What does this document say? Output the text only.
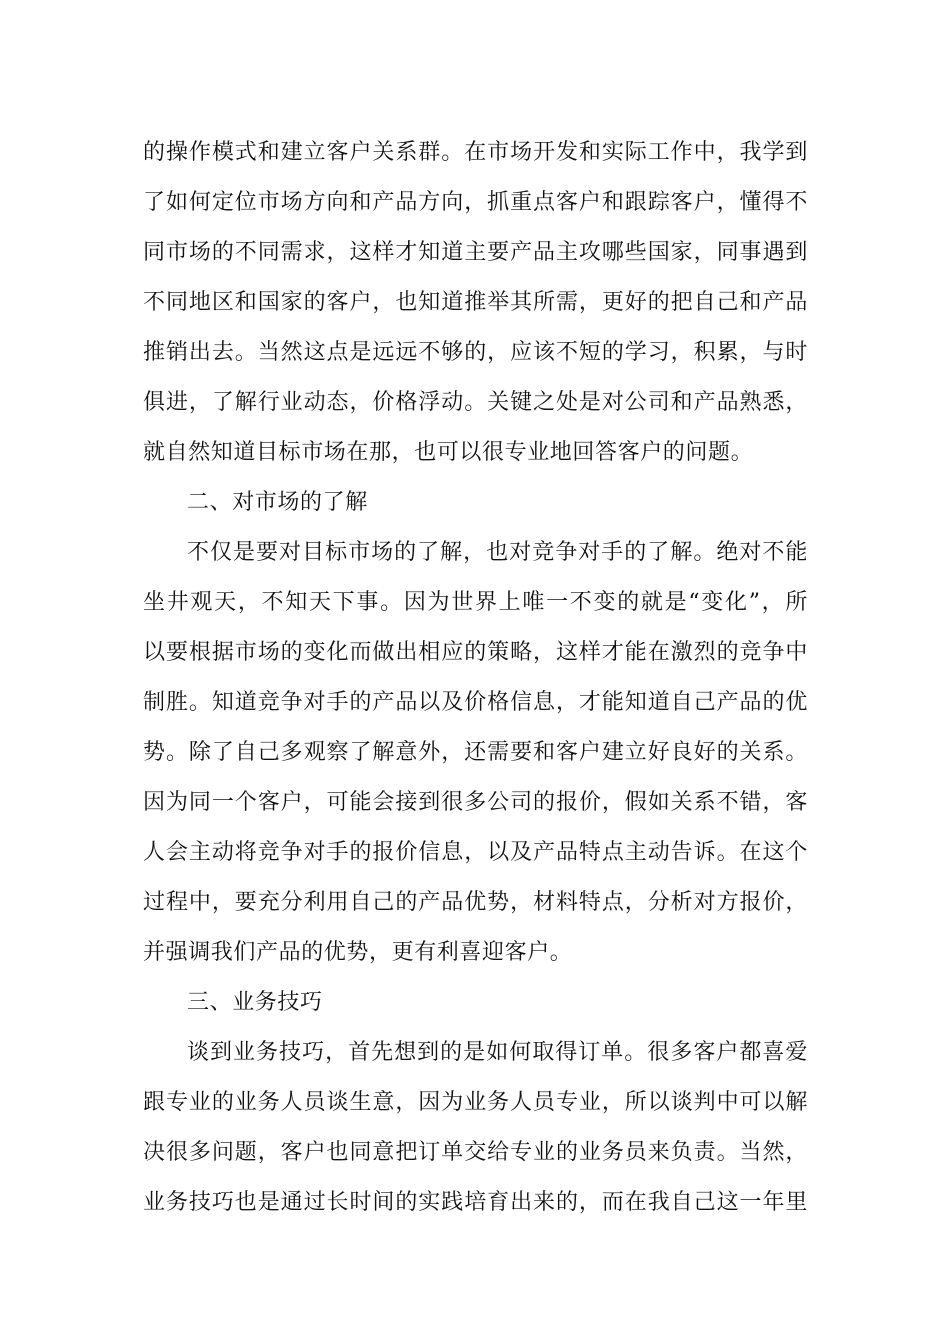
的操作模式和建立客户关系群。在市场开发和实际工作中，我学到
了如何定位市场方向和产品方向，抓重点客户和跟踪客户，懂得不
同市场的不同需求，这样才知道主要产品主攻哪些国家，同事遇到
不同地区和国家的客户，也知道推举其所需，更好的把自己和产品
推销出去。当然这点是远远不够的，应该不短的学习，积累，与时
俱进，了解行业动态，价格浮动。关键之处是对公司和产品熟悉，
就自然知道目标市场在那，也可以很专业地回答客户的问题。
二、对市场的了解
不仅是要对目标市场的了解，也对竞争对手的了解。绝对不能
坐井观天，不知天下事。因为世界上唯一不变的就是“变化”，所
以要根据市场的变化而做出相应的策略，这样才能在激烈的竞争中
制胜。知道竞争对手的产品以及价格信息，才能知道自己产品的优
势。除了自己多观察了解意外，还需要和客户建立好良好的关系。
因为同一个客户，可能会接到很多公司的报价，假如关系不错，客
人会主动将竞争对手的报价信息，以及产品特点主动告诉。在这个
过程中，要充分利用自己的产品优势，材料特点，分析对方报价，
并强调我们产品的优势，更有利喜迎客户。
三、业务技巧
谈到业务技巧，首先想到的是如何取得订单。很多客户都喜爱
跟专业的业务人员谈生意，因为业务人员专业，所以谈判中可以解
决很多问题，客户也同意把订单交给专业的业务员来负责。当然，
业务技巧也是通过长时间的实践培育出来的，而在我自己这一年里
